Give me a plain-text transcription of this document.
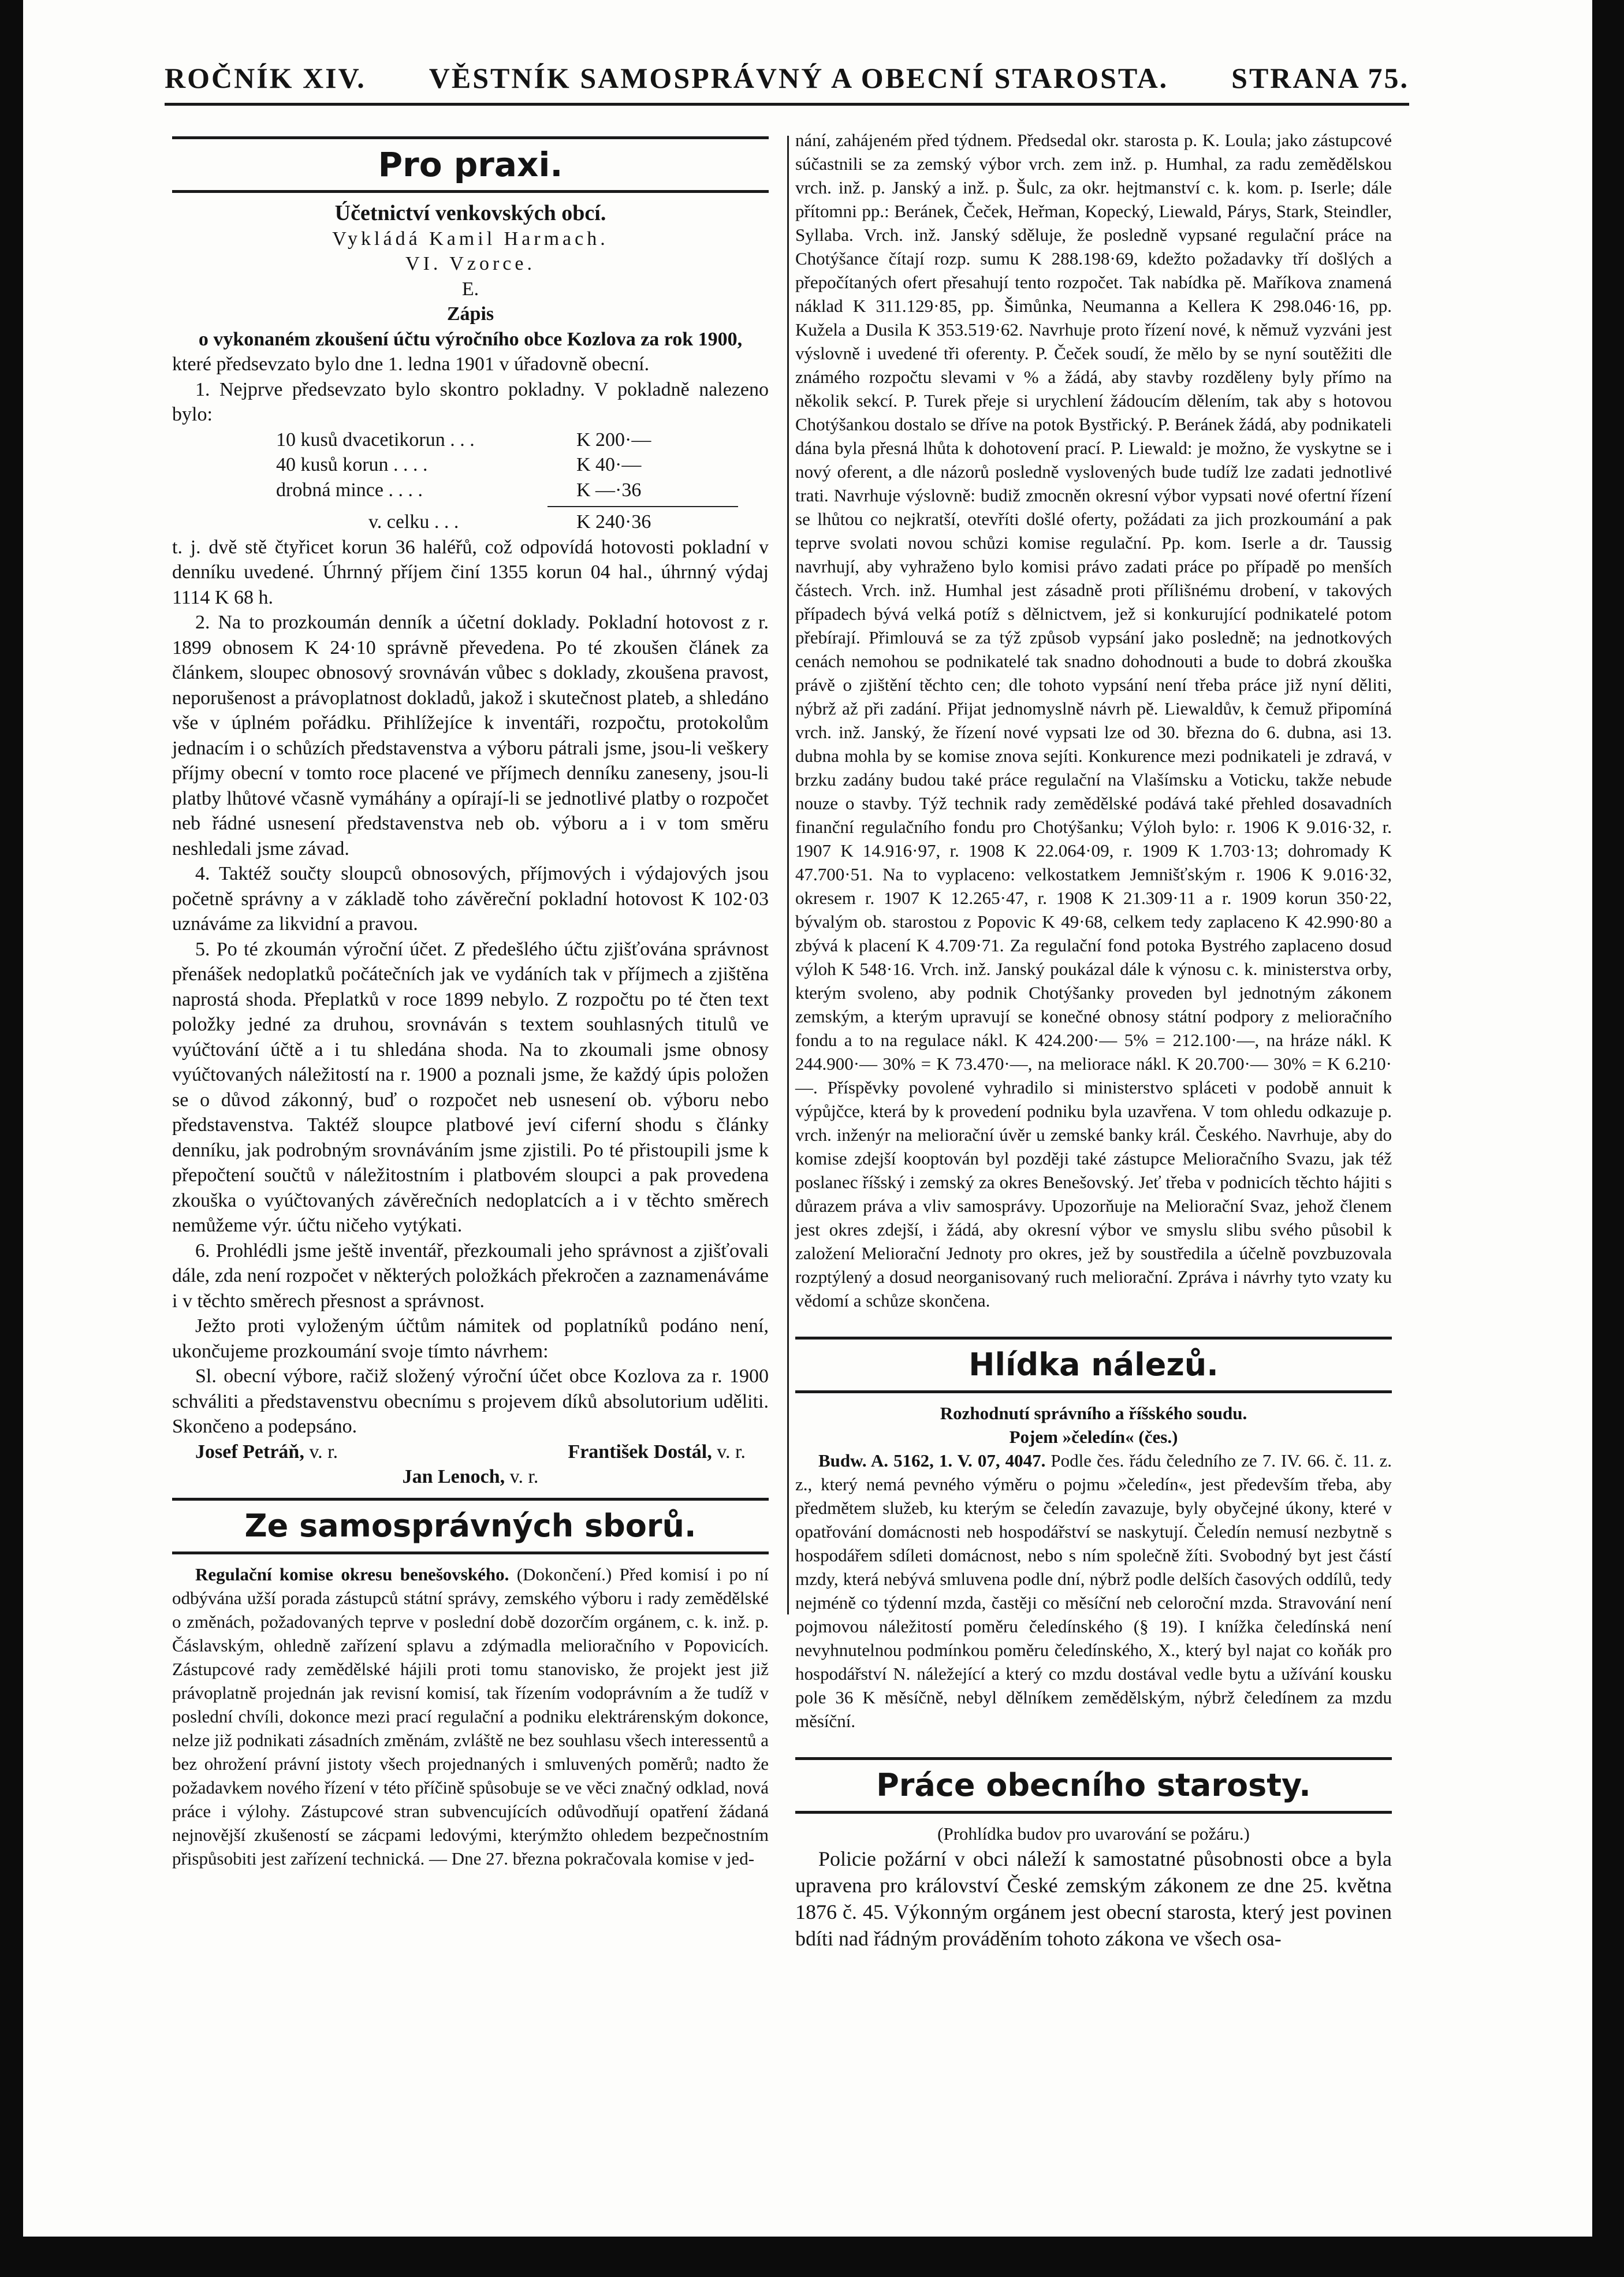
ROČNÍK XIV. VĚSTNÍK SAMOSPRÁVNÝ A OBECNÍ STAROSTA. STRANA 75.
Pro praxi.

Účetnictví venkovských obcí.

Vykládá Kamil Harmach.

VI. Vzorce.

E.

Zápis

o vykonaném zkoušení účtu výročního obce Kozlova za rok 1900,

které předsevzato bylo dne 1. ledna 1901 v úřadovně obecní.

1. Nejprve předsevzato bylo skontro pokladny. V pokladně nalezeno bylo:

10 kusů dvacetikorun . . .	K 200·—
40 kusů korun . . . .	K 40·—
drobná mince . . . .	K —·36
v. celku . . .	K 240·36

t. j. dvě stě čtyřicet korun 36 haléřů, což odpovídá hotovosti pokladní v denníku uvedené. Úhrnný příjem činí 1355 korun 04 hal., úhrnný výdaj 1114 K 68 h.

2. Na to prozkoumán denník a účetní doklady. Pokladní hotovost z r. 1899 obnosem K 24·10 správně převedena. Po té zkoušen článek za článkem, sloupec obnosový srovnáván vůbec s doklady, zkoušena pravost, neporušenost a právoplatnost dokladů, jakož i skutečnost plateb, a shledáno vše v úplném pořádku. Přihlížejíce k inventáři, rozpočtu, protokolům jednacím i o schůzích představenstva a výboru pátrali jsme, jsou-li veškery příjmy obecní v tomto roce placené ve příjmech denníku zaneseny, jsou-li platby lhůtové včasně vymáhány a opírají-li se jednotlivé platby o rozpočet neb řádné usnesení představenstva neb ob. výboru a i v tom směru neshledali jsme závad.

4. Taktéž součty sloupců obnosových, příjmových i výdajových jsou početně správny a v základě toho závěreční pokladní hotovost K 102·03 uznáváme za likvidní a pravou.

5. Po té zkoumán výroční účet. Z předešlého účtu zjišťována správnost přenášek nedoplatků počátečních jak ve vydáních tak v příjmech a zjištěna naprostá shoda. Přeplatků v roce 1899 nebylo. Z rozpočtu po té čten text položky jedné za druhou, srovnáván s textem souhlasných titulů ve vyúčtování účtě a i tu shledána shoda. Na to zkoumali jsme obnosy vyúčtovaných náležitostí na r. 1900 a poznali jsme, že každý úpis položen se o důvod zákonný, buď o rozpočet neb usnesení ob. výboru nebo představenstva. Taktéž sloupce platbové jeví ciferní shodu s články denníku, jak podrobným srovnáváním jsme zjistili. Po té přistoupili jsme k přepočtení součtů v náležitostním i platbovém sloupci a pak provedena zkouška o vyúčtovaných závěrečních nedoplatcích a i v těchto směrech nemůžeme výr. účtu ničeho vytýkati.

6. Prohlédli jsme ještě inventář, přezkoumali jeho správnost a zjišťovali dále, zda není rozpočet v některých položkách překročen a zaznamenáváme i v těchto směrech přesnost a správnost.

Ježto proti vyloženým účtům námitek od poplatníků podáno není, ukončujeme prozkoumání svoje tímto návrhem:

Sl. obecní výbore, račiž složený výroční účet obce Kozlova za r. 1900 schváliti a představenstvu obecnímu s projevem díků absolutorium uděliti. Skončeno a podepsáno.

Josef Petráň, v. r.	František Dostál, v. r.
Jan Lenoch, v. r.
Ze samosprávných sborů.

Regulační komise okresu benešovského. (Dokončení.) Před komisí i po ní odbývána užší porada zástupců státní správy, zemského výboru i rady zemědělské o změnách, požadovaných teprve v poslední době dozorčím orgánem, c. k. inž. p. Čáslavským, ohledně zařízení splavu a zdýmadla melioračního v Popovicích. Zástupcové rady zemědělské hájili proti tomu stanovisko, že projekt jest již právoplatně projednán jak revisní komisí, tak řízením vodoprávním a že tudíž v poslední chvíli, dokonce mezi prací regulační a podniku elektrárenským dokonce, nelze již podnikati zásadních změnám, zvláště ne bez souhlasu všech interessentů a bez ohrožení právní jistoty všech projednaných i smluvených poměrů; nadto že požadavkem nového řízení v této příčině spůsobuje se ve věci značný odklad, nová práce i výlohy. Zástupcové stran subvencujících odůvodňují opatření žádaná nejnovější zkušeností se zácpami ledovými, kterýmžto ohledem bezpečnostním přispůsobiti jest zařízení technická. — Dne 27. března pokračovala komise v jed-

nání, zahájeném před týdnem. Předsedal okr. starosta p. K. Loula; jako zástupcové súčastnili se za zemský výbor vrch. zem inž. p. Humhal, za radu zemědělskou vrch. inž. p. Janský a inž. p. Šulc, za okr. hejtmanství c. k. kom. p. Iserle; dále přítomni pp.: Beránek, Čeček, Heřman, Kopecký, Liewald, Párys, Stark, Steindler, Syllaba. Vrch. inž. Janský sděluje, že posledně vypsané regulační práce na Chotýšance čítají rozp. sumu K 288.198·69, kdežto požadavky tří došlých a přepočítaných ofert přesahují tento rozpočet. Tak nabídka pě. Maříkova znamená náklad K 311.129·85, pp. Šimůnka, Neumanna a Kellera K 298.046·16, pp. Kužela a Dusila K 353.519·62. Navrhuje proto řízení nové, k němuž vyzváni jest výslovně i uvedené tři oferenty. P. Čeček soudí, že mělo by se nyní soutěžiti dle známého rozpočtu slevami v % a žádá, aby stavby rozděleny byly přímo na několik sekcí. P. Turek přeje si urychlení žádoucím dělením, tak aby s hotovou Chotýšankou dostalo se dříve na potok Bystřický. P. Beránek žádá, aby podnikateli dána byla přesná lhůta k dohotovení prací. P. Liewald: je možno, že vyskytne se i nový oferent, a dle názorů posledně vyslovených bude tudíž lze zadati jednotlivé trati. Navrhuje výslovně: budiž zmocněn okresní výbor vypsati nové ofertní řízení se lhůtou co nejkratší, otevříti došlé oferty, požádati za jich prozkoumání a pak teprve svolati novou schůzi komise regulační. Pp. kom. Iserle a dr. Taussig navrhují, aby vyhraženo bylo komisi právo zadati práce po případě po menších částech. Vrch. inž. Humhal jest zásadně proti přílišnému drobení, v takových případech bývá velká potíž s dělnictvem, jež si konkurující podnikatelé potom přebírají. Přimlouvá se za týž způsob vypsání jako posledně; na jednotkových cenách nemohou se podnikatelé tak snadno dohodnouti a bude to dobrá zkouška právě o zjištění těchto cen; dle tohoto vypsání není třeba práce již nyní děliti, nýbrž až při zadání. Přijat jednomyslně návrh pě. Liewaldův, k čemuž připomíná vrch. inž. Janský, že řízení nové vypsati lze od 30. března do 6. dubna, asi 13. dubna mohla by se komise znova sejíti. Konkurence mezi podnikateli je zdravá, v brzku zadány budou také práce regulační na Vlašímsku a Voticku, takže nebude nouze o stavby. Týž technik rady zemědělské podává také přehled dosavadních finanční regulačního fondu pro Chotýšanku; Výloh bylo: r. 1906 K 9.016·32, r. 1907 K 14.916·97, r. 1908 K 22.064·09, r. 1909 K 1.703·13; dohromady K 47.700·51. Na to vyplaceno: velkostatkem Jemnišťským r. 1906 K 9.016·32, okresem r. 1907 K 12.265·47, r. 1908 K 21.309·11 a r. 1909 korun 350·22, bývalým ob. starostou z Popovic K 49·68, celkem tedy zaplaceno K 42.990·80 a zbývá k placení K 4.709·71. Za regulační fond potoka Bystrého zaplaceno dosud výloh K 548·16. Vrch. inž. Janský poukázal dále k výnosu c. k. ministerstva orby, kterým svoleno, aby podnik Chotýšanky proveden byl jednotným zákonem zemským, a kterým upravují se konečné obnosy státní podpory z melioračního fondu a to na regulace nákl. K 424.200·— 5% = 212.100·—, na hráze nákl. K 244.900·— 30% = K 73.470·—, na meliorace nákl. K 20.700·— 30% = K 6.210·—. Příspěvky povolené vyhradilo si ministerstvo spláceti v podobě annuit k výpůjčce, která by k provedení podniku byla uzavřena. V tom ohledu odkazuje p. vrch. inženýr na meliorační úvěr u zemské banky král. Českého. Navrhuje, aby do komise zdejší kooptován byl později také zástupce Melioračního Svazu, jak též poslanec říšský i zemský za okres Benešovský. Jeť třeba v podnicích těchto hájiti s důrazem práva a vliv samosprávy. Upozorňuje na Meliorační Svaz, jehož členem jest okres zdejší, i žádá, aby okresní výbor ve smyslu slibu svého působil k založení Meliorační Jednoty pro okres, jež by soustředila a účelně povzbuzovala rozptýlený a dosud neorganisovaný ruch meliorační. Zpráva i návrhy tyto vzaty ku vědomí a schůze skončena.

Hlídka nálezů.

Rozhodnutí správního a říšského soudu.

Pojem »čeledín« (čes.)

Budw. A. 5162, 1. V. 07, 4047. Podle čes. řádu čeledního ze 7. IV. 66. č. 11. z. z., který nemá pevného výměru o pojmu »čeledín«, jest především třeba, aby předmětem služeb, ku kterým se čeledín zavazuje, byly obyčejné úkony, které v opatřování domácnosti neb hospodářství se naskytují. Čeledín nemusí nezbytně s hospodářem sdíleti domácnost, nebo s ním společně žíti. Svobodný byt jest částí mzdy, která nebývá smluvena podle dní, nýbrž podle delších časových oddílů, tedy nejméně co týdenní mzda, častěji co měsíční neb celoroční mzda. Stravování není pojmovou náležitostí poměru čeledínského (§ 19). I knížka čeledínská není nevyhnutelnou podmínkou poměru čeledínského, X., který byl najat co koňák pro hospodářství N. náležející a který co mzdu dostával vedle bytu a užívání kousku pole 36 K měsíčně, nebyl dělníkem zemědělským, nýbrž čeledínem za mzdu měsíční.

Práce obecního starosty.

(Prohlídka budov pro uvarování se požáru.)

Policie požární v obci náleží k samostatné působnosti obce a byla upravena pro království České zemským zákonem ze dne 25. května 1876 č. 45. Výkonným orgánem jest obecní starosta, který jest povinen bdíti nad řádným prováděním tohoto zákona ve všech osa-
